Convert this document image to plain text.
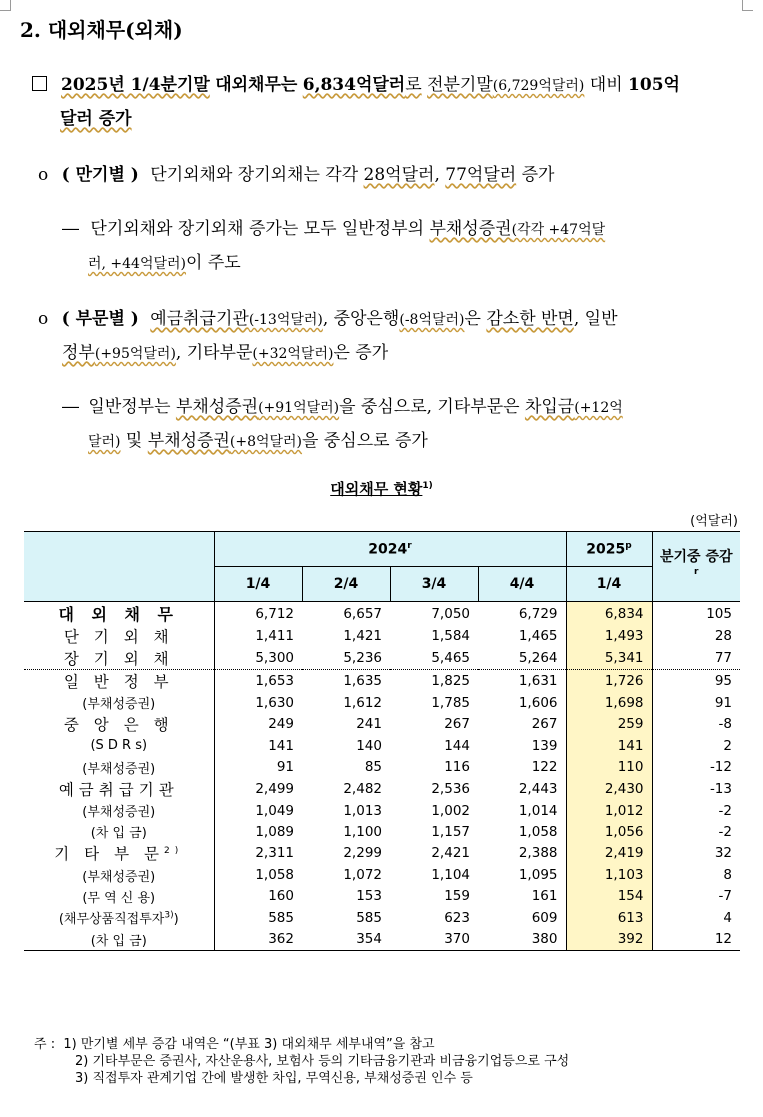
2. 대외채무(외채)
2025년 1/4분기말 대외채무는 6,834억달러로 전분기말(6,729억달러) 대비 105억
달러 증가
o ( 만기별 ) 단기외채와 장기외채는 각각 28억달러, 77억달러 증가
― 단기외채와 장기외채 증가는 모두 일반정부의 부채성증권(각각 +47억달
러, +44억달러)이 주도
o ( 부문별 ) 예금취급기관(-13억달러), 중앙은행(-8억달러)은 감소한 반면, 일반
정부(+95억달러), 기타부문(+32억달러)은 증가
― 일반정부는 부채성증권(+91억달러)을 중심으로, 기타부문은 차입금(+12억
달러) 및 부채성증권(+8억달러)을 중심으로 증가
대외채무 현황$^{1)}$
(억달러)
	2024$^r$				2025$^p$	분기중 증감$^r$
	1/4	2/4	3/4	4/4	1/4	
대 외 채 무	6,712	6,657	7,050	6,729	6,834	105
단 기 외 채	1,411	1,421	1,584	1,465	1,493	28
장 기 외 채	5,300	5,236	5,465	5,264	5,341	77
일 반 정 부	1,653	1,635	1,825	1,631	1,726	95
(부채성증권)	1,630	1,612	1,785	1,606	1,698	91
중 앙 은 행	249	241	267	267	259	-8
(S D R s)	141	140	144	139	141	2
(부채성증권)	91	85	116	122	110	-12
예금취급기관	2,499	2,482	2,536	2,443	2,430	-13
(부채성증권)	1,049	1,013	1,002	1,014	1,012	-2
(차 입 금)	1,089	1,100	1,157	1,058	1,056	-2
기 타 부 문$^{2)}$	2,311	2,299	2,421	2,388	2,419	32
(부채성증권)	1,058	1,072	1,104	1,095	1,103	8
(무 역 신 용)	160	153	159	161	154	-7
(채무상품직접투자$^{3)}$)	585	585	623	609	613	4
(차 입 금)	362	354	370	380	392	12
주 : 1) 만기별 세부 증감 내역은 “(부표 3) 대외채무 세부내역”을 참고
2) 기타부문은 증권사, 자산운용사, 보험사 등의 기타금융기관과 비금융기업등으로 구성
3) 직접투자 관계기업 간에 발생한 차입, 무역신용, 부채성증권 인수 등
